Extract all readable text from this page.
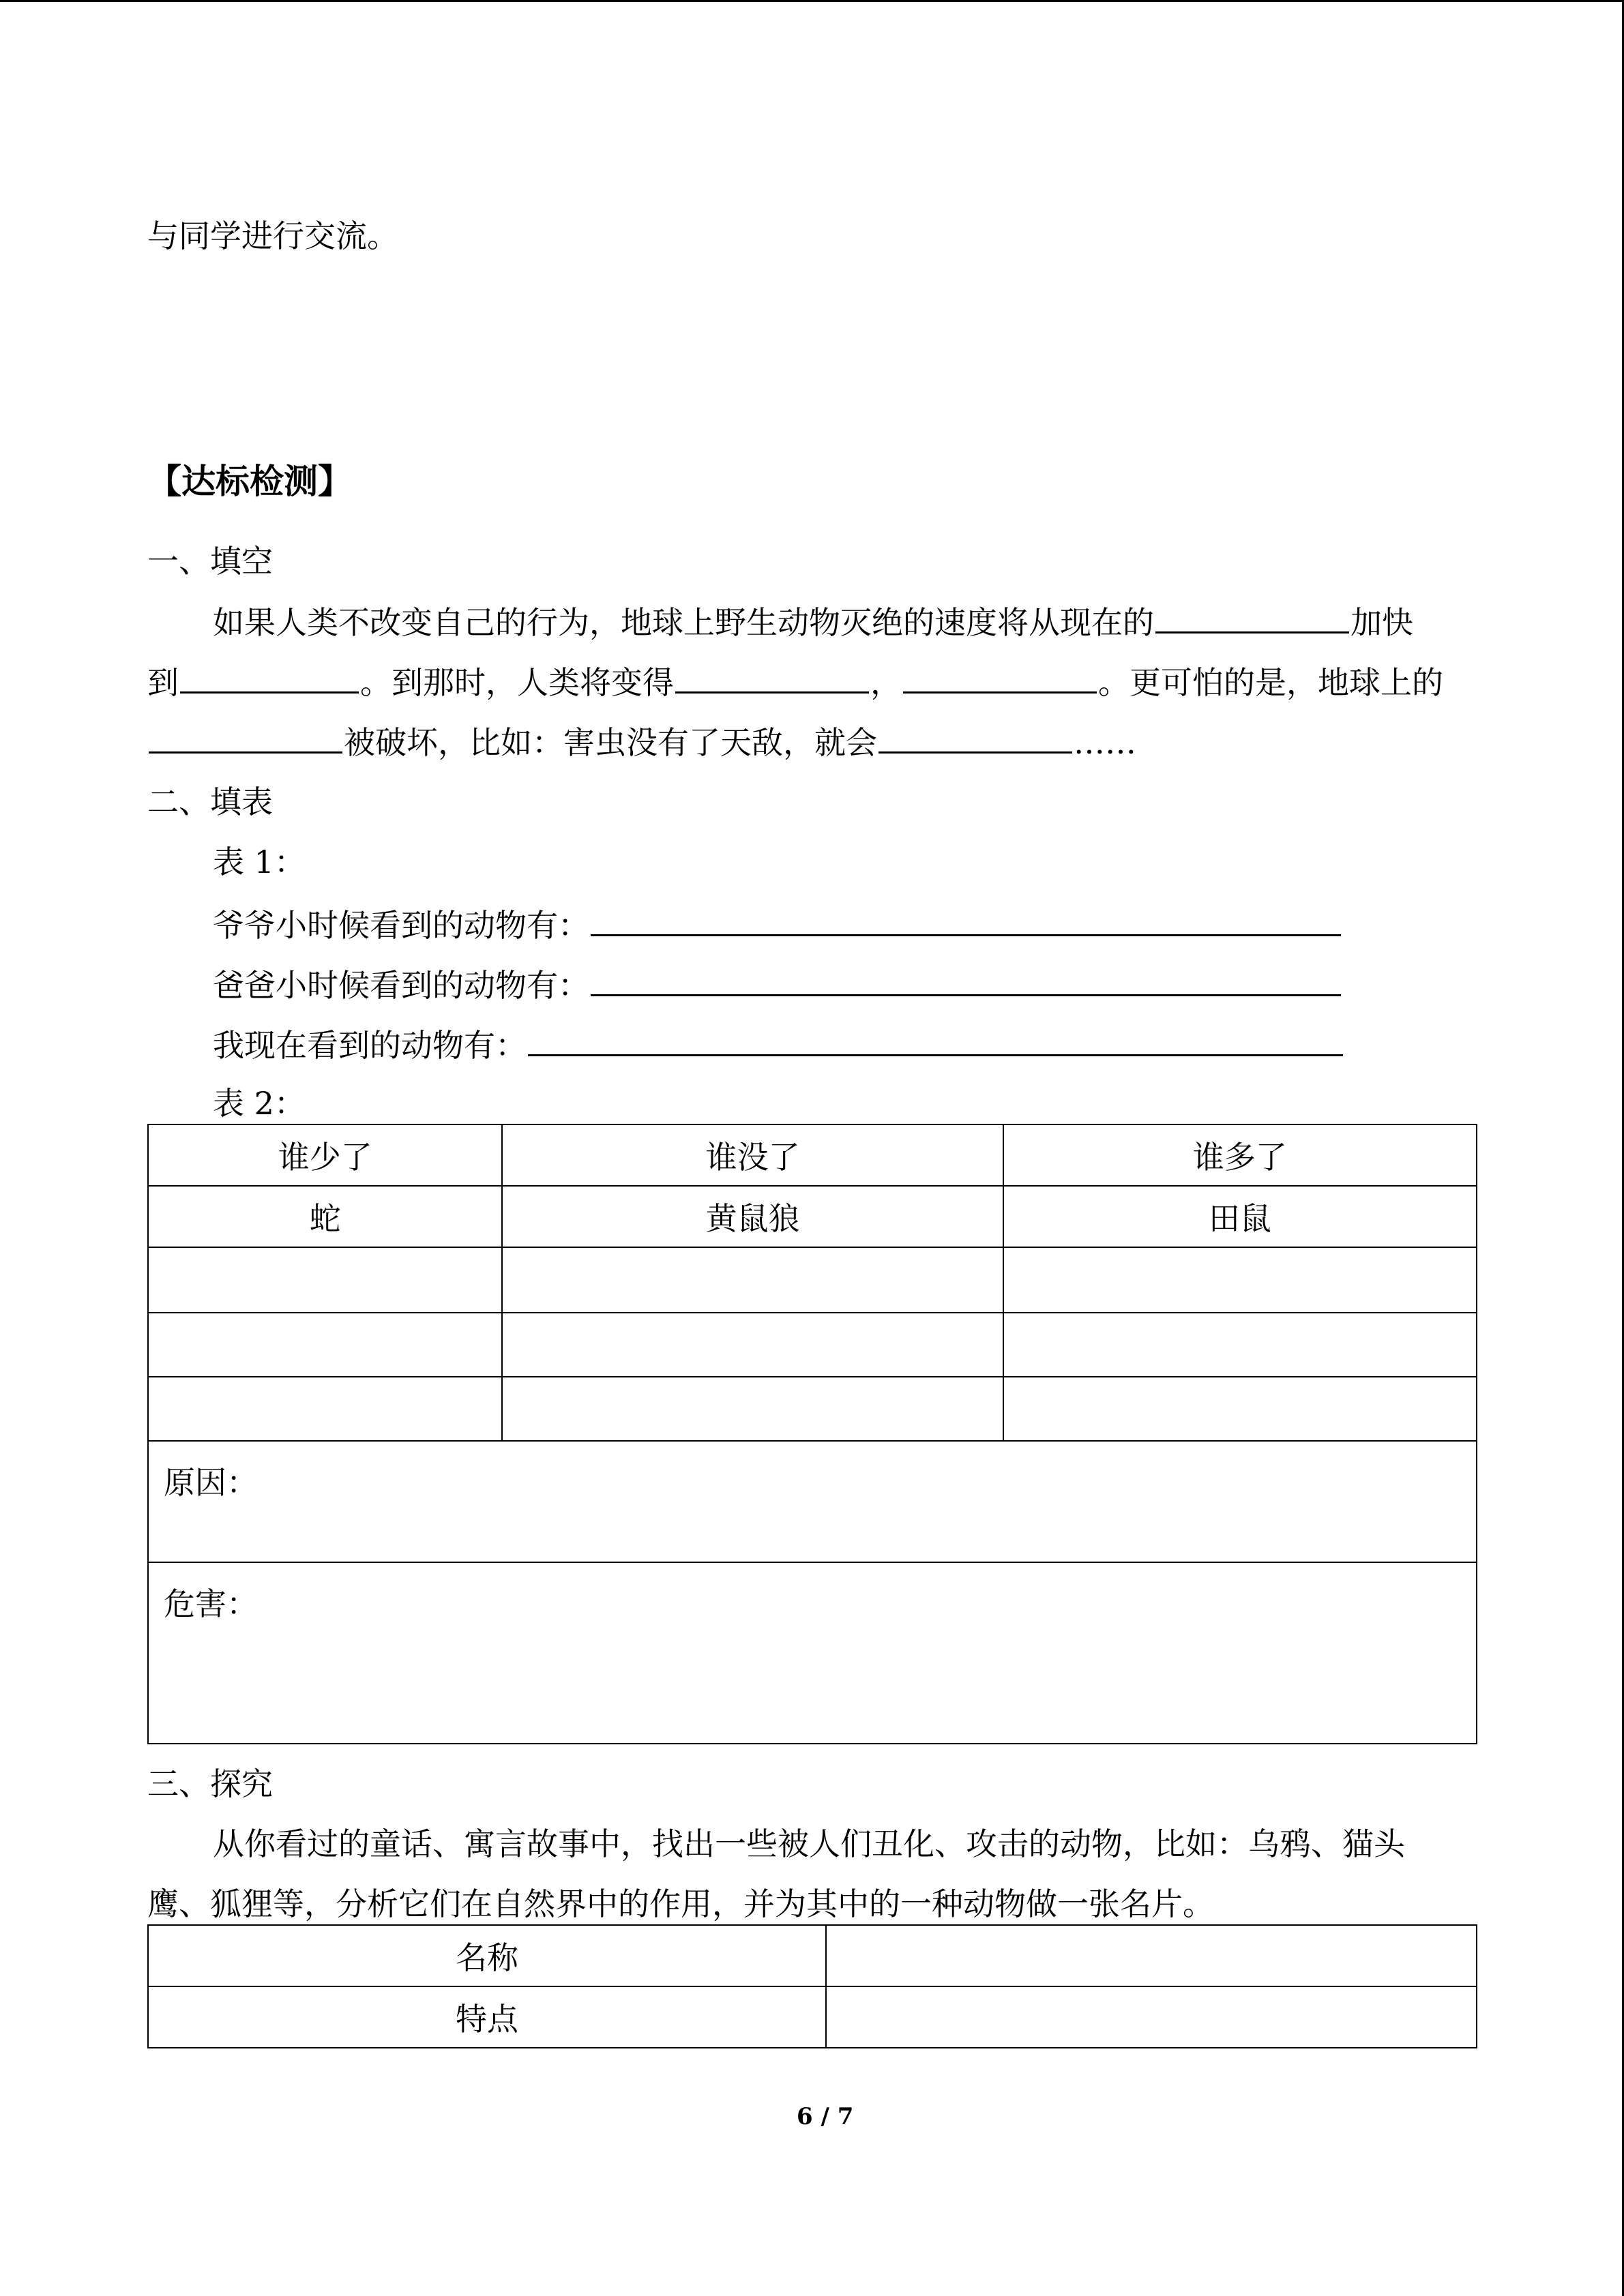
与同学进行交流。
【达标检测】
一、填空
如果人类不改变自己的行为，地球上野生动物灭绝的速度将从现在的	加快
到	。到那时，人类将变得	，	。更可怕的是，地球上的
被破坏，比如：害虫没有了天敌，就会	……
二、填表
表 1：
爷爷小时候看到的动物有：
爸爸小时候看到的动物有：
我现在看到的动物有：
表 2：
谁少了	谁没了	谁多了
蛇	黄鼠狼	田鼠

原因：		
危害：		
三、探究
从你看过的童话、寓言故事中，找出一些被人们丑化、攻击的动物，比如：乌鸦、猫头
鹰、狐狸等，分析它们在自然界中的作用，并为其中的一种动物做一张名片。
名称	
特点	
6 / 7
